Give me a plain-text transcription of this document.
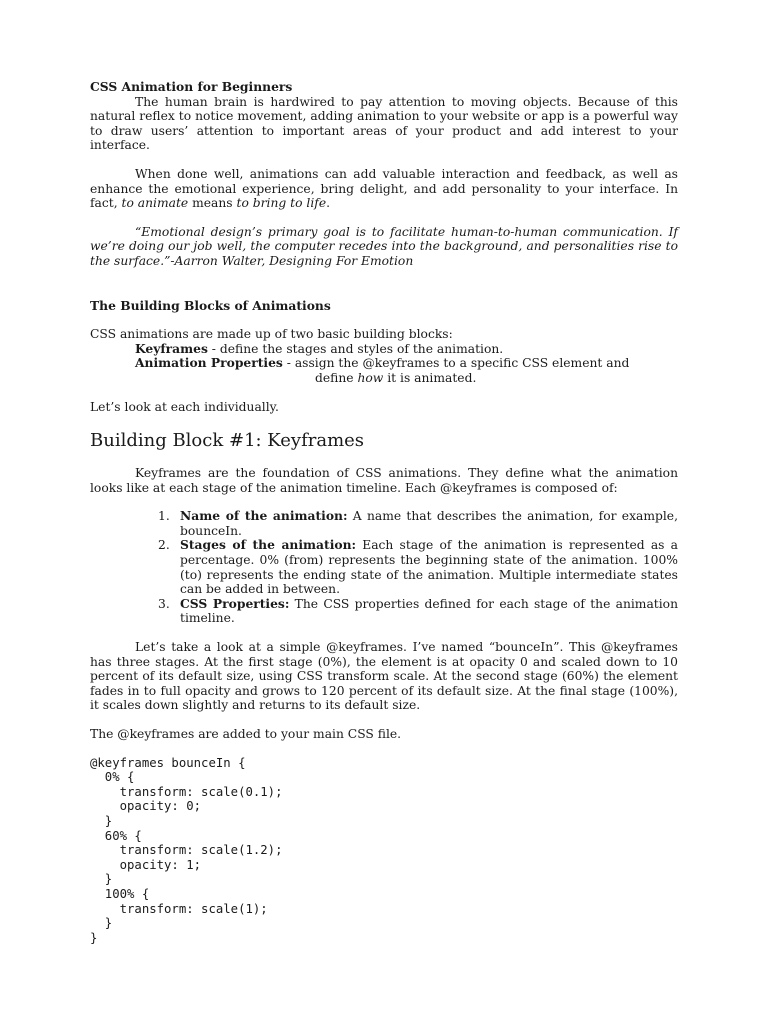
CSS Animation for Beginners

The human brain is hardwired to pay attention to moving objects. Because of this natural reflex to notice movement, adding animation to your website or app is a powerful way to draw users’ attention to important areas of your product and add interest to your interface.

When done well, animations can add valuable interaction and feedback, as well as enhance the emotional experience, bring delight, and add personality to your interface. In fact, to animate means to bring to life.

“Emotional design’s primary goal is to facilitate human-to-human communication. If we’re doing our job well, the computer recedes into the background, and personalities rise to the surface.”-Aarron Walter, Designing For Emotion

The Building Blocks of Animations

CSS animations are made up of two basic building blocks:

Keyframes - define the stages and styles of the animation.

Animation Properties - assign the @keyframes to a specific CSS element and

define how it is animated.

Let’s look at each individually.

Building Block #1: Keyframes

Keyframes are the foundation of CSS animations. They define what the animation looks like at each stage of the animation timeline. Each @keyframes is composed of:

1. Name of the animation: A name that describes the animation, for example, bounceIn.
2. Stages of the animation: Each stage of the animation is represented as a percentage. 0% (from) represents the beginning state of the animation. 100% (to) represents the ending state of the animation. Multiple intermediate states can be added in between.
3. CSS Properties: The CSS properties defined for each stage of the animation timeline.

Let’s take a look at a simple @keyframes. I’ve named “bounceIn”. This @keyframes has three stages. At the first stage (0%), the element is at opacity 0 and scaled down to 10 percent of its default size, using CSS transform scale. At the second stage (60%) the element fades in to full opacity and grows to 120 percent of its default size. At the final stage (100%), it scales down slightly and returns to its default size.

The @keyframes are added to your main CSS file.

@keyframes bounceIn {
0% {
transform: scale(0.1);
opacity: 0;
}
60% {
transform: scale(1.2);
opacity: 1;
}
100% {
transform: scale(1);
}
}
